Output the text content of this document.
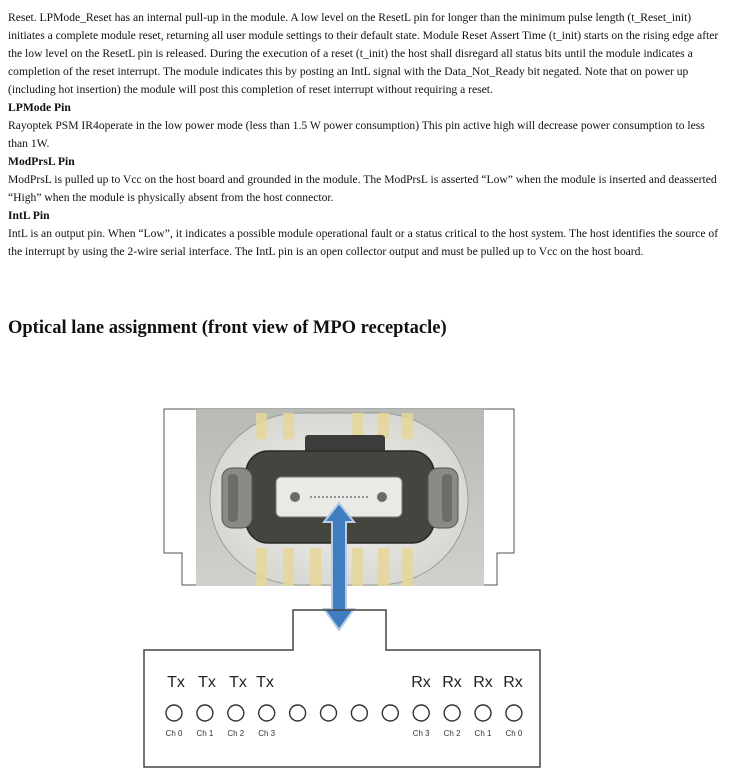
Reset. LPMode_Reset has an internal pull-up in the module. A low level on the ResetL pin for longer than the minimum pulse length (t_Reset_init) initiates a complete module reset, returning all user module settings to their default state. Module Reset Assert Time (t_init) starts on the rising edge after the low level on the ResetL pin is released. During the execution of a reset (t_init) the host shall disregard all status bits until the module indicates a completion of the reset interrupt. The module indicates this by posting an IntL signal with the Data_Not_Ready bit negated. Note that on power up (including hot insertion) the module will post this completion of reset interrupt without requiring a reset.

LPMode Pin

Rayoptek PSM IR4operate in the low power mode (less than 1.5 W power consumption) This pin active high will decrease power consumption to less than 1W.

ModPrsL Pin

ModPrsL is pulled up to Vcc on the host board and grounded in the module. The ModPrsL is asserted “Low” when the module is inserted and deasserted “High” when the module is physically absent from the host connector.

IntL Pin

IntL is an output pin. When “Low”, it indicates a possible module operational fault or a status critical to the host system. The host identifies the source of the interrupt by using the 2-wire serial interface. The IntL pin is an open collector output and must be pulled up to Vcc on the host board.

Optical lane assignment (front view of MPO receptacle)
Tx Tx Tx Tx	Rx Rx Rx Rx
Ch 0 Ch 1 Ch 2 Ch 3	Ch 3 Ch 2 Ch 1 Ch 0
